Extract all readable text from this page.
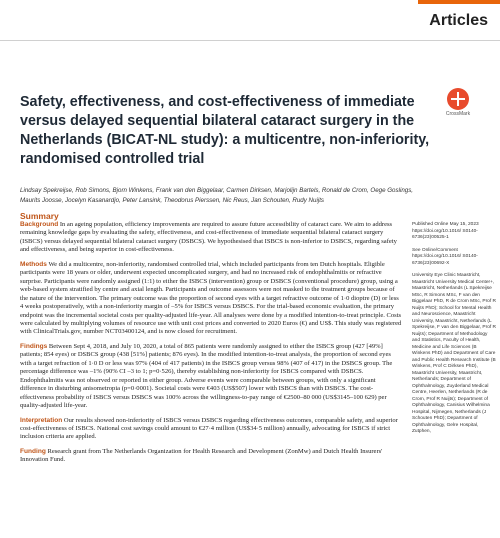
Articles
CrossMark
Safety, effectiveness, and cost-effectiveness of immediate versus delayed sequential bilateral cataract surgery in the Netherlands (BICAT-NL study): a multicentre, non-inferiority, randomised controlled trial
Lindsay Spekreijse, Rob Simons, Bjorn Winkens, Frank van den Biggelaar, Carmen Dirksen, Marjolijn Bartels, Ronald de Crom, Oege Goslings, Maurits Joosse, Jocelyn Kasanardjo, Peter Lansink, Theodorus Pierssen, Nic Reus, Jan Schouten, Rudy Nuijts
Summary

Background In an ageing population, efficiency improvements are required to assure future accessibility of cataract care. We aim to address remaining knowledge gaps by evaluating the safety, effectiveness, and cost-effectiveness of immediate sequential bilateral cataract surgery (ISBCS) versus delayed sequential bilateral cataract surgery (DSBCS). We hypothesised that ISBCS is non-inferior to DSBCS, regarding safety and effectiveness, and being superior in cost-effectiveness.

Methods We did a multicentre, non-inferiority, randomised controlled trial, which included participants from ten Dutch hospitals. Eligible participants were 18 years or older, underwent expected uncomplicated surgery, and had no increased risk of endophthalmitis or refractive surprise. Participants were randomly assigned (1:1) to either the ISBCS (intervention) group or DSBCS (conventional procedure) group, using a web-based system stratified by centre and axial length. Participants and outcome assessors were not masked to the treatment groups because of the nature of the intervention. The primary outcome was the proportion of second eyes with a target refractive outcome of 1·0 dioptre (D) or less 4 weeks postoperatively, with a non-inferiority margin of –5% for ISBCS versus DSBCS. For the trial-based economic evaluation, the primary endpoint was the incremental societal costs per quality-adjusted life-year. All analyses were done by a modified intention-to-treat principle. Costs were calculated by multiplying volumes of resource use with unit cost prices and converted to 2020 Euros (€) and US$. This study was registered with ClinicalTrials.gov, number NCT03400124, and is now closed for recruitment.

Findings Between Sept 4, 2018, and July 10, 2020, a total of 865 patients were randomly assigned to either the ISBCS group (427 [49%] patients; 854 eyes) or DSBCS group (438 [51%] patients; 876 eyes). In the modified intention-to-treat analysis, the proportion of second eyes with a target refraction of 1·0 D or less was 97% (404 of 417 patients) in the ISBCS group versus 98% (407 of 417) in the DSBCS group. The percentage difference was –1% (90% CI –3 to 1; p=0·526), thereby establishing non-inferiority for ISBCS compared with DSBCS. Endophthalmitis was not observed or reported in either group. Adverse events were comparable between groups, with only a significant difference in disturbing anisometropia (p=0·0001). Societal costs were €403 (US$507) lower with ISBCS than with DSBCS. The cost-effectiveness probability of ISBCS versus DSBCS was 100% across the willingness-to-pay range of €2500–80 000 (US$3145–100 629) per quality-adjusted life-year.

Interpretation Our results showed non-inferiority of ISBCS versus DSBCS regarding effectiveness outcomes, comparable safety, and superior cost-effectiveness of ISBCS. National cost savings could amount to €27·4 million (US$34·5 million) annually, advocating for ISBCS if strict inclusion criteria are applied.

Funding Research grant from The Netherlands Organization for Health Research and Development (ZonMw) and Dutch Health Insurers' Innovation Fund.

Published Online May 15, 2023 https://doi.org/10.1016/ S0140-6736(23)00525-1
See Online/Comment https://doi.org/10.1016/ S0140-6736(23)00692-X
University Eye Clinic Maastricht, Maastricht University Medical Center+, Maastricht, Netherlands (L Spekreijse MSc, R Simons MSc, F van den Biggelaar PhD, R de Crom MSc, Prof R Nuijts PhD); School for Mental Health and Neuroscience, Maastricht University, Maastricht, Netherlands (L Spekreijse, F van den Biggelaar, Prof R Nuijts); Department of Methodology and Statistics, Faculty of Health, Medicine and Life Sciences (B Winkens PhD) and Department of Care and Public Health Research Institute (B Winkens, Prof C Dirksen PhD), Maastricht University, Maastricht, Netherlands; Department of Ophthalmology, Zuyderland Medical Centre, Heerlen, Netherlands (R de Crom, Prof R Nuijts); Department of Ophthalmology, Canisius Wilhelmina Hospital, Nijmegen, Netherlands (J Schouten PhD); Department of Ophthalmology, Gelre Hospital, Zutphen,
